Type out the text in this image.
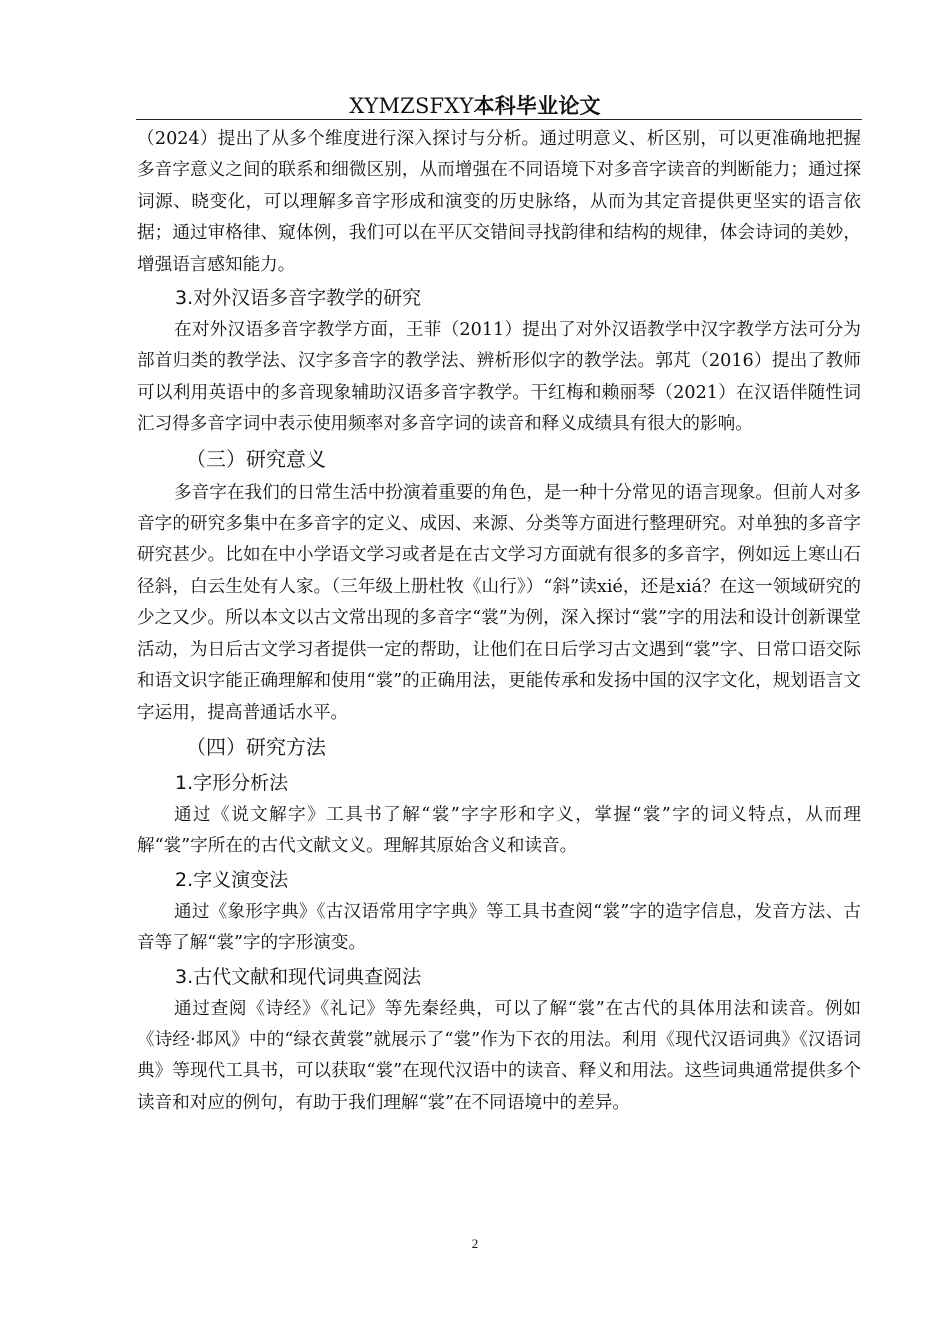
XYMZSFXY本科毕业论文

（2024）提出了从多个维度进行深入探讨与分析。通过明意义、析区别，可以更准确地把握多音字意义之间的联系和细微区别，从而增强在不同语境下对多音字读音的判断能力；通过探词源、晓变化，可以理解多音字形成和演变的历史脉络，从而为其定音提供更坚实的语言依据；通过审格律、窥体例，我们可以在平仄交错间寻找韵律和结构的规律，体会诗词的美妙，增强语言感知能力。

3.对外汉语多音字教学的研究

在对外汉语多音字教学方面，王菲（2011）提出了对外汉语教学中汉字教学方法可分为部首归类的教学法、汉字多音字的教学法、辨析形似字的教学法。郭芃（2016）提出了教师可以利用英语中的多音现象辅助汉语多音字教学。干红梅和赖丽琴（2021）在汉语伴随性词汇习得多音字词中表示使用频率对多音字词的读音和释义成绩具有很大的影响。

（三）研究意义

多音字在我们的日常生活中扮演着重要的角色，是一种十分常见的语言现象。但前人对多音字的研究多集中在多音字的定义、成因、来源、分类等方面进行整理研究。对单独的多音字研究甚少。比如在中小学语文学习或者是在古文学习方面就有很多的多音字，例如远上寒山石径斜，白云生处有人家。（三年级上册杜牧《山行》）“斜”读xié，还是xiá？在这一领域研究的少之又少。所以本文以古文常出现的多音字“裳”为例，深入探讨“裳”字的用法和设计创新课堂活动，为日后古文学习者提供一定的帮助，让他们在日后学习古文遇到“裳”字、日常口语交际和语文识字能正确理解和使用“裳”的正确用法，更能传承和发扬中国的汉字文化，规划语言文字运用，提高普通话水平。

（四）研究方法
1.字形分析法

通过《说文解字》工具书了解“裳”字字形和字义，掌握“裳”字的词义特点，从而理解“裳”字所在的古代文献文义。理解其原始含义和读音。

2.字义演变法

通过《象形字典》《古汉语常用字字典》等工具书查阅“裳”字的造字信息，发音方法、古音等了解“裳”字的字形演变。

3.古代文献和现代词典查阅法

通过查阅《诗经》《礼记》等先秦经典，可以了解“裳”在古代的具体用法和读音。例如《诗经·邶风》中的“绿衣黄裳”就展示了“裳”作为下衣的用法。利用《现代汉语词典》《汉语词典》等现代工具书，可以获取“裳”在现代汉语中的读音、释义和用法。这些词典通常提供多个读音和对应的例句，有助于我们理解“裳”在不同语境中的差异。

2
